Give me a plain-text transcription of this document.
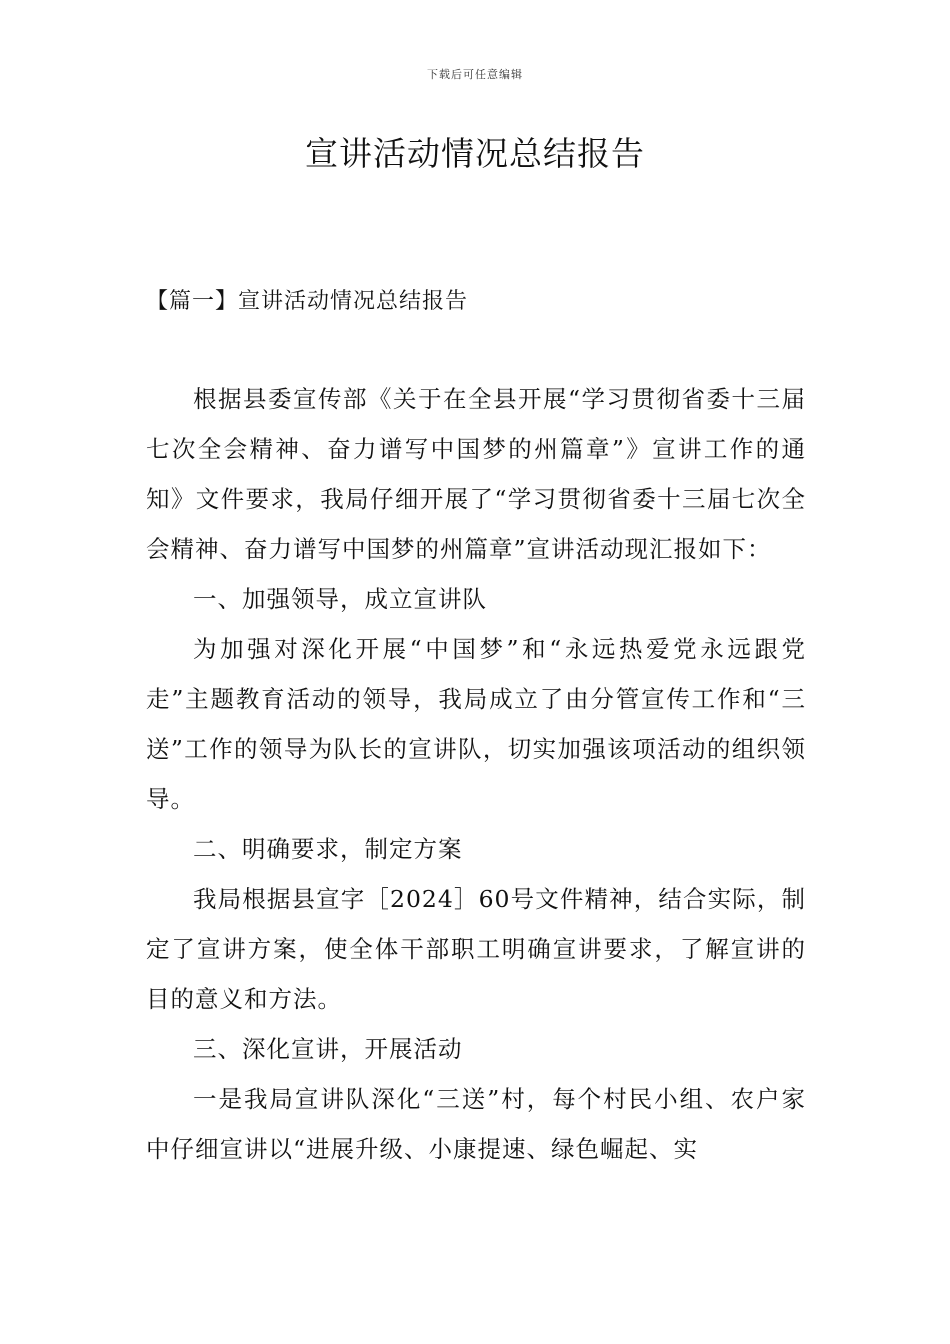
下载后可任意编辑
宣讲活动情况总结报告
【篇一】宣讲活动情况总结报告

根据县委宣传部《关于在全县开展“学习贯彻省委十三届七次全会精神、奋力谱写中国梦的州篇章”》宣讲工作的通知》文件要求，我局仔细开展了“学习贯彻省委十三届七次全会精神、奋力谱写中国梦的州篇章”宣讲活动现汇报如下：

一、加强领导，成立宣讲队

为加强对深化开展“中国梦”和“永远热爱党永远跟党走”主题教育活动的领导，我局成立了由分管宣传工作和“三送”工作的领导为队长的宣讲队，切实加强该项活动的组织领导。

二、明确要求，制定方案

我局根据县宣字［2024］60号文件精神，结合实际，制定了宣讲方案，使全体干部职工明确宣讲要求，了解宣讲的目的意义和方法。

三、深化宣讲，开展活动

一是我局宣讲队深化“三送”村，每个村民小组、农户家中仔细宣讲以“进展升级、小康提速、绿色崛起、实
